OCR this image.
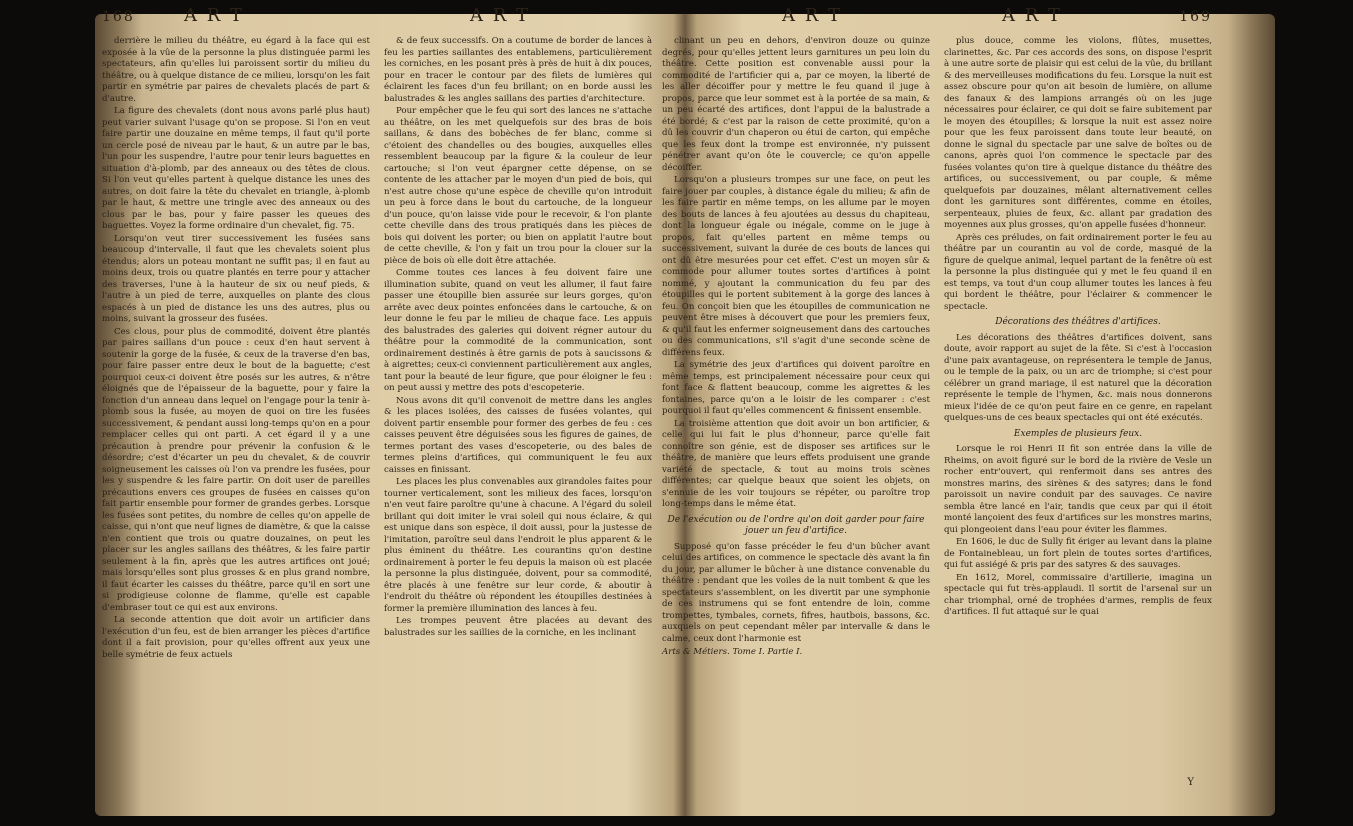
168	A R T	A R T

derrière le milieu du théâtre, eu égard à la face qui est exposée à la vûe de la personne la plus distinguée parmi les spectateurs, afin qu'elles lui paroissent sortir du milieu du théâtre, ou à quelque distance de ce milieu, lorsqu'on les fait partir en symétrie par paires de chevalets placés de part & d'autre.

La figure des chevalets (dont nous avons parlé plus haut) peut varier suivant l'usage qu'on se propose. Si l'on en veut faire partir une douzaine en même temps, il faut qu'il porte un cercle posé de niveau par le haut, & un autre par le bas, l'un pour les suspendre, l'autre pour tenir leurs baguettes en situation d'à-plomb, par des anneaux ou des têtes de clous. Si l'on veut qu'elles partent à quelque distance les unes des autres, on doit faire la tête du chevalet en triangle, à-plomb par le haut, & mettre une tringle avec des anneaux ou des clous par le bas, pour y faire passer les queues des baguettes. Voyez la forme ordinaire d'un chevalet, fig. 75.

Lorsqu'on veut tirer successivement les fusées sans beaucoup d'intervalle, il faut que les chevalets soient plus étendus; alors un poteau montant ne suffit pas; il en faut au moins deux, trois ou quatre plantés en terre pour y attacher des traverses, l'une à la hauteur de six ou neuf pieds, & l'autre à un pied de terre, auxquelles on plante des clous espacés à un pied de distance les uns des autres, plus ou moins, suivant la grosseur des fusées.

Ces clous, pour plus de commodité, doivent être plantés par paires saillans d'un pouce : ceux d'en haut servent à soutenir la gorge de la fusée, & ceux de la traverse d'en bas, pour faire passer entre deux le bout de la baguette; c'est pourquoi ceux-ci doivent être posés sur les autres, & n'être éloignés que de l'épaisseur de la baguette, pour y faire la fonction d'un anneau dans lequel on l'engage pour la tenir à-plomb sous la fusée, au moyen de quoi on tire les fusées successivement, & pendant aussi long-temps qu'on en a pour remplacer celles qui ont parti. A cet égard il y a une précaution à prendre pour prévenir la confusion & le désordre; c'est d'écarter un peu du chevalet, & de couvrir soigneusement les caisses où l'on va prendre les fusées, pour les y suspendre & les faire partir. On doit user de pareilles précautions envers ces groupes de fusées en caisses qu'on fait partir ensemble pour former de grandes gerbes. Lorsque les fusées sont petites, du nombre de celles qu'on appelle de caisse, qui n'ont que neuf lignes de diamètre, & que la caisse n'en contient que trois ou quatre douzaines, on peut les placer sur les angles saillans des théâtres, & les faire partir seulement à la fin, après que les autres artifices ont joué; mais lorsqu'elles sont plus grosses & en plus grand nombre, il faut écarter les caisses du théâtre, parce qu'il en sort une si prodigieuse colonne de flamme, qu'elle est capable d'embraser tout ce qui est aux environs.

La seconde attention que doit avoir un artificier dans l'exécution d'un feu, est de bien arranger les pièces d'artifice dont il a fait provision, pour qu'elles offrent aux yeux une belle symétrie de feux actuels

& de feux successifs. On a coutume de border de lances à feu les parties saillantes des entablemens, particulièrement les corniches, en les posant près à près de huit à dix pouces, pour en tracer le contour par des filets de lumières qui éclairent les faces d'un feu brillant; on en borde aussi les balustrades & les angles saillans des parties d'architecture.

Pour empêcher que le feu qui sort des lances ne s'attache au théâtre, on les met quelquefois sur des bras de bois saillans, & dans des bobèches de fer blanc, comme si c'étoient des chandelles ou des bougies, auxquelles elles ressemblent beaucoup par la figure & la couleur de leur cartouche; si l'on veut épargner cette dépense, on se contente de les attacher par le moyen d'un pied de bois, qui n'est autre chose qu'une espèce de cheville qu'on introduit un peu à force dans le bout du cartouche, de la longueur d'un pouce, qu'on laisse vide pour le recevoir, & l'on plante cette cheville dans des trous pratiqués dans les pièces de bois qui doivent les porter; ou bien on applatit l'autre bout de cette cheville, & l'on y fait un trou pour la clouer sur la pièce de bois où elle doit être attachée.

Comme toutes ces lances à feu doivent faire une illumination subite, quand on veut les allumer, il faut faire passer une étoupille bien assurée sur leurs gorges, qu'on arrête avec deux pointes enfoncées dans le cartouche, & on leur donne le feu par le milieu de chaque face. Les appuis des balustrades des galeries qui doivent régner autour du théâtre pour la commodité de la communication, sont ordinairement destinés à être garnis de pots à saucissons & à aigrettes; ceux-ci conviennent particulièrement aux angles, tant pour la beauté de leur figure, que pour éloigner le feu : on peut aussi y mettre des pots d'escopeterie.

Nous avons dit qu'il convenoit de mettre dans les angles & les places isolées, des caisses de fusées volantes, qui doivent partir ensemble pour former des gerbes de feu : ces caisses peuvent être déguisées sous les figures de gaines, de termes portant des vases d'escopeterie, ou des bales de termes pleins d'artifices, qui communiquent le feu aux caisses en finissant.

Les places les plus convenables aux girandoles faites pour tourner verticalement, sont les milieux des faces, lorsqu'on n'en veut faire paroître qu'une à chacune. A l'égard du soleil brillant qui doit imiter le vrai soleil qui nous éclaire, & qui est unique dans son espèce, il doit aussi, pour la justesse de l'imitation, paroître seul dans l'endroit le plus apparent & le plus éminent du théâtre. Les courantins qu'on destine ordinairement à porter le feu depuis la maison où est placée la personne la plus distinguée, doivent, pour sa commodité, être placés à une fenêtre sur leur corde, & aboutir à l'endroit du théâtre où répondent les étoupilles destinées à former la première illumination des lances à feu.

Les trompes peuvent être placées au devant des balustrades sur les saillies de la corniche, en les inclinant

A R T	A R T	169

clinant un peu en dehors, d'environ douze ou quinze degrés, pour qu'elles jettent leurs garnitures un peu loin du théâtre. Cette position est convenable aussi pour la commodité de l'artificier qui a, par ce moyen, la liberté de les aller décoiffer pour y mettre le feu quand il juge à propos, parce que leur sommet est à la portée de sa main, & un peu écarté des artifices, dont l'appui de la balustrade a été bordé; & c'est par la raison de cette proximité, qu'on a dû les couvrir d'un chaperon ou étui de carton, qui empêche que les feux dont la trompe est environnée, n'y puissent pénétrer avant qu'on ôte le couvercle; ce qu'on appelle décoiffer.

Lorsqu'on a plusieurs trompes sur une face, on peut les faire jouer par couples, à distance égale du milieu; & afin de les faire partir en même temps, on les allume par le moyen des bouts de lances à feu ajoutées au dessus du chapiteau, dont la longueur égale ou inégale, comme on le juge à propos, fait qu'elles partent en même temps ou successivement, suivant la durée de ces bouts de lances qui ont dû être mesurées pour cet effet. C'est un moyen sûr & commode pour allumer toutes sortes d'artifices à point nommé, y ajoutant la communication du feu par des étoupilles qui le portent subitement à la gorge des lances à feu. On conçoit bien que les étoupilles de communication ne peuvent être mises à découvert que pour les premiers feux, & qu'il faut les enfermer soigneusement dans des cartouches ou des communications, s'il s'agit d'une seconde scène de différens feux.

La symétrie des jeux d'artifices qui doivent paroître en même temps, est principalement nécessaire pour ceux qui font face & flattent beaucoup, comme les aigrettes & les fontaines, parce qu'on a le loisir de les comparer : c'est pourquoi il faut qu'elles commencent & finissent ensemble.

La troisième attention que doit avoir un bon artificier, & celle qui lui fait le plus d'honneur, parce qu'elle fait connoître son génie, est de disposer ses artifices sur le théâtre, de manière que leurs effets produisent une grande variété de spectacle, & tout au moins trois scènes différentes; car quelque beaux que soient les objets, on s'ennuie de les voir toujours se répéter, ou paroître trop long-temps dans le même état.

De l'exécution ou de l'ordre qu'on doit garder pour faire jouer un feu d'artifice.

Supposé qu'on fasse précéder le feu d'un bûcher avant celui des artifices, on commence le spectacle dès avant la fin du jour, par allumer le bûcher à une distance convenable du théâtre : pendant que les voiles de la nuit tombent & que les spectateurs s'assemblent, on les divertit par une symphonie de ces instrumens qui se font entendre de loin, comme trompettes, tymbales, cornets, fifres, hautbois, bassons, &c. auxquels on peut cependant mêler par intervalle & dans le calme, ceux dont l'harmonie est

Arts & Métiers. Tome I. Partie I.

plus douce, comme les violons, flûtes, musettes, clarinettes, &c. Par ces accords des sons, on dispose l'esprit à une autre sorte de plaisir qui est celui de la vûe, du brillant & des merveilleuses modifications du feu. Lorsque la nuit est assez obscure pour qu'on ait besoin de lumière, on allume des fanaux & des lampions arrangés où on les juge nécessaires pour éclairer, ce qui doit se faire subitement par le moyen des étoupilles; & lorsque la nuit est assez noire pour que les feux paroissent dans toute leur beauté, on donne le signal du spectacle par une salve de boîtes ou de canons, après quoi l'on commence le spectacle par des fusées volantes qu'on tire à quelque distance du théâtre des artifices, ou successivement, ou par couple, & même quelquefois par douzaines, mêlant alternativement celles dont les garnitures sont différentes, comme en étoiles, serpenteaux, pluies de feux, &c. allant par gradation des moyennes aux plus grosses, qu'on appelle fusées d'honneur.

Après ces préludes, on fait ordinairement porter le feu au théâtre par un courantin au vol de corde, masqué de la figure de quelque animal, lequel partant de la fenêtre où est la personne la plus distinguée qui y met le feu quand il en est temps, va tout d'un coup allumer toutes les lances à feu qui bordent le théâtre, pour l'éclairer & commencer le spectacle.

Décorations des théâtres d'artifices.

Les décorations des théâtres d'artifices doivent, sans doute, avoir rapport au sujet de la fête. Si c'est à l'occasion d'une paix avantageuse, on représentera le temple de Janus, ou le temple de la paix, ou un arc de triomphe; si c'est pour célébrer un grand mariage, il est naturel que la décoration représente le temple de l'hymen, &c. mais nous donnerons mieux l'idée de ce qu'on peut faire en ce genre, en rapelant quelques-uns de ces beaux spectacles qui ont été exécutés.

Exemples de plusieurs feux.

Lorsque le roi Henri II fit son entrée dans la ville de Rheims, on avoit figuré sur le bord de la rivière de Vesle un rocher entr'ouvert, qui renfermoit dans ses antres des monstres marins, des sirènes & des satyres; dans le fond paroissoit un navire conduit par des sauvages. Ce navire sembla être lancé en l'air, tandis que ceux par qui il étoit monté lançoient des feux d'artifices sur les monstres marins, qui plongeoient dans l'eau pour éviter les flammes.

En 1606, le duc de Sully fit ériger au levant dans la plaine de Fontainebleau, un fort plein de toutes sortes d'artifices, qui fut assiégé & pris par des satyres & des sauvages.

En 1612, Morel, commissaire d'artillerie, imagina un spectacle qui fut très-applaudi. Il sortit de l'arsenal sur un char triomphal, orné de trophées d'armes, remplis de feux d'artifices. Il fut attaqué sur le quai

Y
